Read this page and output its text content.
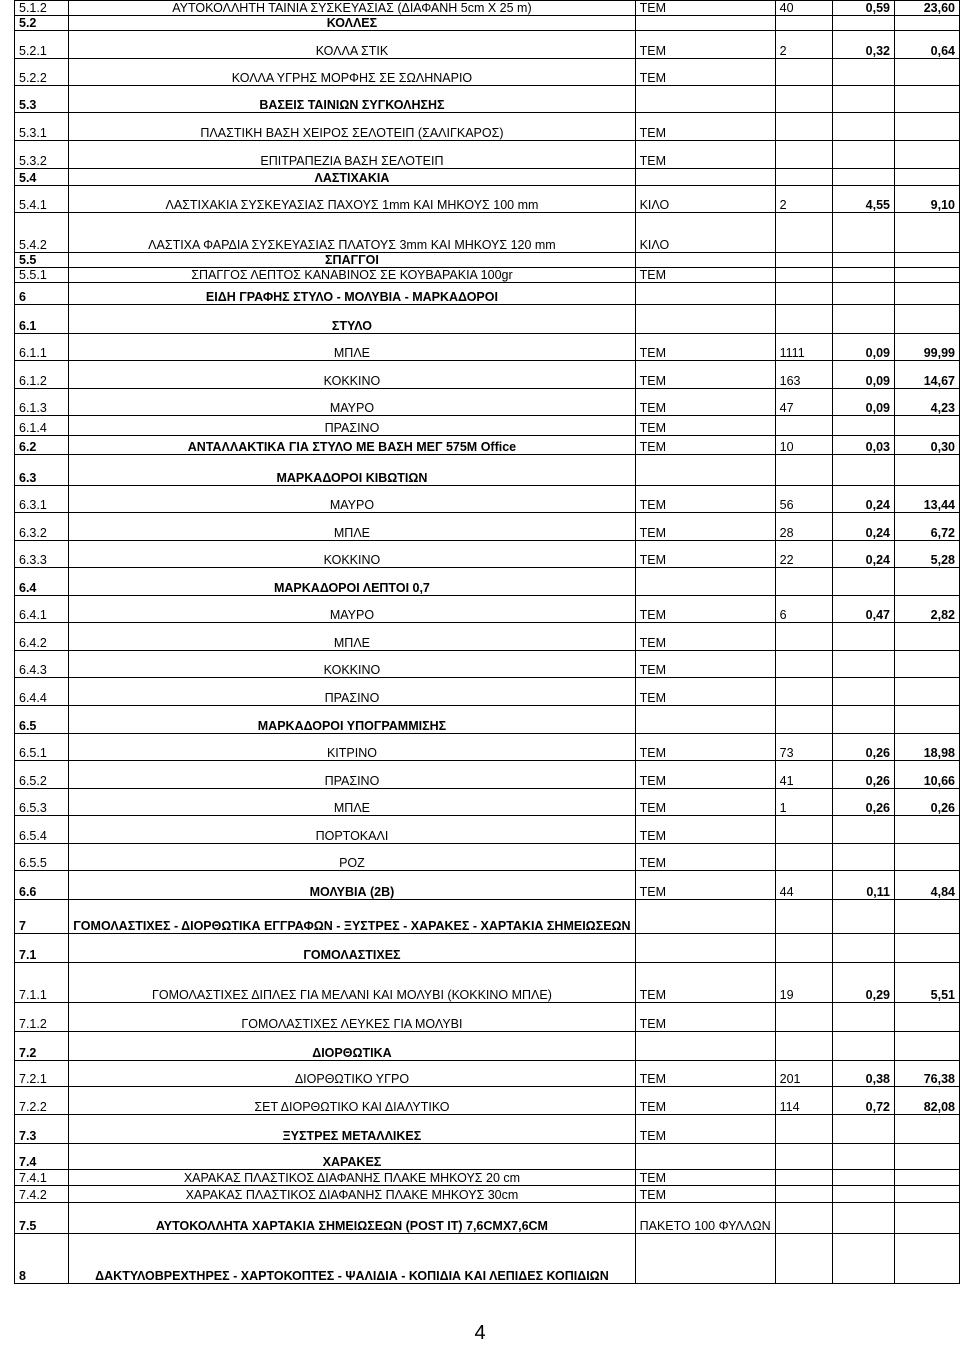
5.1.2	ΑΥΤΟΚΟΛΛΗΤΗ ΤΑΙΝΙΑ ΣΥΣΚΕΥΑΣΙΑΣ (ΔΙΑΦΑΝΗ 5cm X 25 m)	ΤΕΜ	40	0,59	23,60
5.2	ΚΟΛΛΕΣ				
5.2.1	ΚΟΛΛΑ ΣΤΙΚ	ΤΕΜ	2	0,32	0,64
5.2.2	ΚΟΛΛΑ ΥΓΡΗΣ ΜΟΡΦΗΣ ΣΕ ΣΩΛΗΝΑΡΙΟ	ΤΕΜ			
5.3	ΒΑΣΕΙΣ ΤΑΙΝΙΩΝ ΣΥΓΚΟΛΗΣΗΣ				
5.3.1	ΠΛΑΣΤΙΚΗ ΒΑΣΗ ΧΕΙΡΟΣ ΣΕΛΟΤΕΙΠ (ΣΑΛΙΓΚΑΡΟΣ)	ΤΕΜ			
5.3.2	ΕΠΙΤΡΑΠΕΖΙΑ ΒΑΣΗ ΣΕΛΟΤΕΙΠ	ΤΕΜ			
5.4	ΛΑΣΤΙΧΑΚΙΑ				
5.4.1	ΛΑΣΤΙΧΑΚΙΑ ΣΥΣΚΕΥΑΣΙΑΣ ΠΑΧΟΥΣ 1mm ΚΑΙ ΜΗΚΟΥΣ 100 mm	ΚΙΛΟ	2	4,55	9,10
5.4.2	ΛΑΣΤΙΧΑ ΦΑΡΔΙΑ ΣΥΣΚΕΥΑΣΙΑΣ ΠΛΑΤΟΥΣ 3mm ΚΑΙ ΜΗΚΟΥΣ 120 mm	ΚΙΛΟ			
5.5	ΣΠΑΓΓΟΙ				
5.5.1	ΣΠΑΓΓΟΣ ΛΕΠΤΟΣ ΚΑΝΑΒΙΝΟΣ ΣΕ ΚΟΥΒΑΡΑΚΙΑ 100gr	ΤΕΜ			
6	ΕΙΔΗ ΓΡΑΦΗΣ ΣΤΥΛΟ - ΜΟΛΥΒΙΑ - ΜΑΡΚΑΔΟΡΟΙ				
6.1	ΣΤΥΛΟ				
6.1.1	ΜΠΛΕ	ΤΕΜ	1111	0,09	99,99
6.1.2	ΚΟΚΚΙΝΟ	ΤΕΜ	163	0,09	14,67
6.1.3	ΜΑΥΡΟ	ΤΕΜ	47	0,09	4,23
6.1.4	ΠΡΑΣΙΝΟ	ΤΕΜ			
6.2	ΑΝΤΑΛΛΑΚΤΙΚΑ ΓΙΑ ΣΤΥΛΟ ΜΕ ΒΑΣΗ ΜΕΓ 575M Office	ΤΕΜ	10	0,03	0,30
6.3	ΜΑΡΚΑΔΟΡΟΙ ΚΙΒΩΤΙΩΝ				
6.3.1	ΜΑΥΡΟ	ΤΕΜ	56	0,24	13,44
6.3.2	ΜΠΛΕ	ΤΕΜ	28	0,24	6,72
6.3.3	ΚΟΚΚΙΝΟ	ΤΕΜ	22	0,24	5,28
6.4	ΜΑΡΚΑΔΟΡΟΙ ΛΕΠΤΟΙ 0,7				
6.4.1	ΜΑΥΡΟ	ΤΕΜ	6	0,47	2,82
6.4.2	ΜΠΛΕ	ΤΕΜ			
6.4.3	ΚΟΚΚΙΝΟ	ΤΕΜ			
6.4.4	ΠΡΑΣΙΝΟ	ΤΕΜ			
6.5	ΜΑΡΚΑΔΟΡΟΙ ΥΠΟΓΡΑΜΜΙΣΗΣ				
6.5.1	ΚΙΤΡΙΝΟ	ΤΕΜ	73	0,26	18,98
6.5.2	ΠΡΑΣΙΝΟ	ΤΕΜ	41	0,26	10,66
6.5.3	ΜΠΛΕ	ΤΕΜ	1	0,26	0,26
6.5.4	ΠΟΡΤΟΚΑΛΙ	ΤΕΜ			
6.5.5	ΡΟΖ	ΤΕΜ			
6.6	ΜΟΛΥΒΙΑ (2Β)	ΤΕΜ	44	0,11	4,84
7	ΓΟΜΟΛΑΣΤΙΧΕΣ - ΔΙΟΡΘΩΤΙΚΑ ΕΓΓΡΑΦΩΝ - ΞΥΣΤΡΕΣ - ΧΑΡΑΚΕΣ - ΧΑΡΤΑΚΙΑ ΣΗΜΕΙΩΣΕΩΝ				
7.1	ΓΟΜΟΛΑΣΤΙΧΕΣ				
7.1.1	ΓΟΜΟΛΑΣΤΙΧΕΣ ΔΙΠΛΕΣ ΓΙΑ ΜΕΛΑΝΙ ΚΑΙ ΜΟΛΥΒΙ (ΚΟΚΚΙΝΟ ΜΠΛΕ)	ΤΕΜ	19	0,29	5,51
7.1.2	ΓΟΜΟΛΑΣΤΙΧΕΣ ΛΕΥΚΕΣ ΓΙΑ ΜΟΛΥΒΙ	ΤΕΜ			
7.2	ΔΙΟΡΘΩΤΙΚΑ				
7.2.1	ΔΙΟΡΘΩΤΙΚΟ ΥΓΡΟ	ΤΕΜ	201	0,38	76,38
7.2.2	ΣΕΤ ΔΙΟΡΘΩΤΙΚΟ ΚΑΙ ΔΙΑΛΥΤΙΚΟ	ΤΕΜ	114	0,72	82,08
7.3	ΞΥΣΤΡΕΣ ΜΕΤΑΛΛΙΚΕΣ	ΤΕΜ			
7.4	ΧΑΡΑΚΕΣ				
7.4.1	ΧΑΡΑΚΑΣ ΠΛΑΣΤΙΚΟΣ ΔΙΑΦΑΝΗΣ ΠΛΑΚΕ ΜΗΚΟΥΣ 20 cm	ΤΕΜ			
7.4.2	ΧΑΡΑΚΑΣ ΠΛΑΣΤΙΚΟΣ ΔΙΑΦΑΝΗΣ ΠΛΑΚΕ ΜΗΚΟΥΣ 30cm	ΤΕΜ			
7.5	ΑΥΤΟΚΟΛΛΗΤΑ ΧΑΡΤΑΚΙΑ ΣΗΜΕΙΩΣΕΩΝ (POST IT) 7,6CMX7,6CM	ΠΑΚΕΤΟ 100 ΦΥΛΛΩΝ			
8	ΔΑΚΤΥΛΟΒΡΕΧΤΗΡΕΣ - ΧΑΡΤΟΚΟΠΤΕΣ - ΨΑΛΙΔΙΑ - ΚΟΠΙΔΙΑ ΚΑΙ ΛΕΠΙΔΕΣ ΚΟΠΙΔΙΩΝ				
4
